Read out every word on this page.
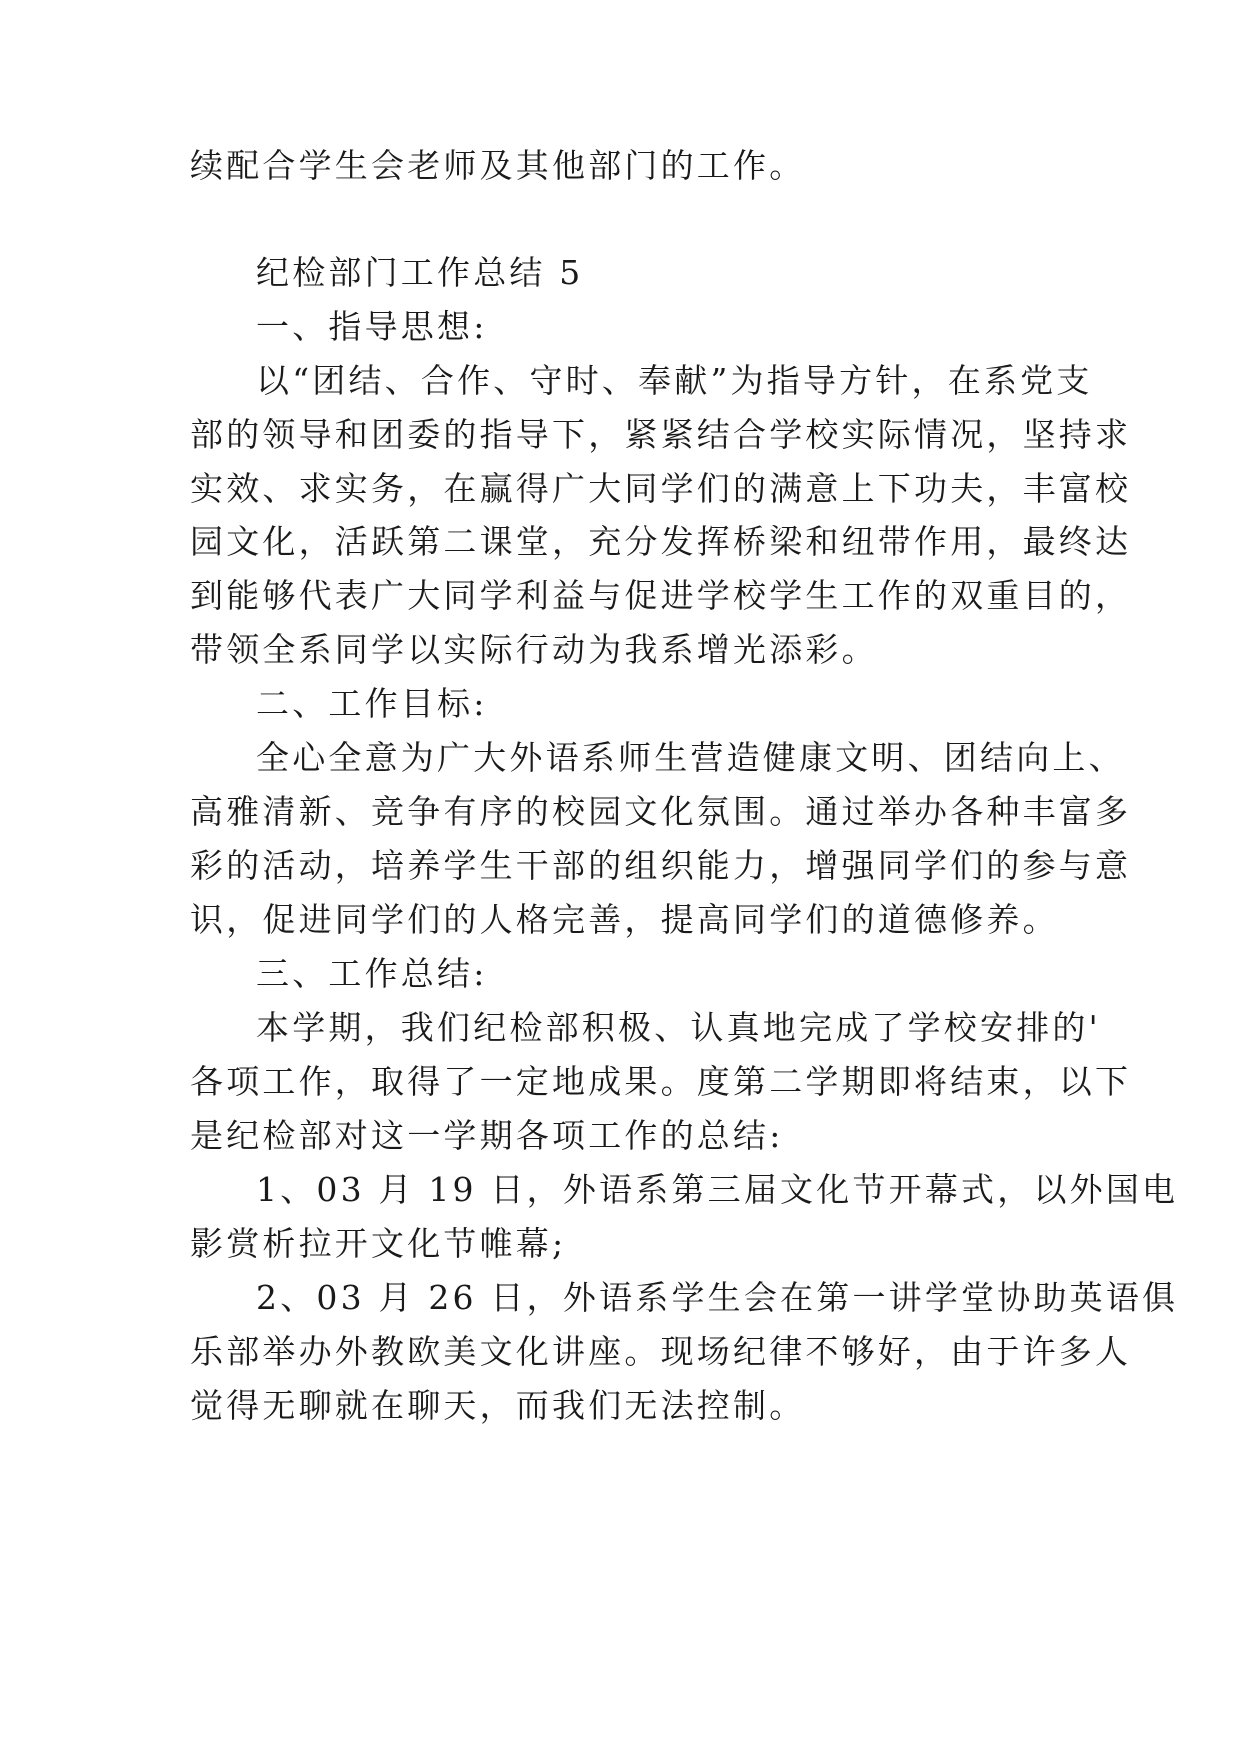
续配合学生会老师及其他部门的工作。
纪检部门工作总结 5
一、指导思想:
以“团结、合作、守时、奉献”为指导方针，在系党支
部的领导和团委的指导下，紧紧结合学校实际情况，坚持求
实效、求实务，在赢得广大同学们的满意上下功夫，丰富校
园文化，活跃第二课堂，充分发挥桥梁和纽带作用，最终达
到能够代表广大同学利益与促进学校学生工作的双重目的，
带领全系同学以实际行动为我系增光添彩。
二、工作目标:
全心全意为广大外语系师生营造健康文明、团结向上、
高雅清新、竞争有序的校园文化氛围。通过举办各种丰富多
彩的活动，培养学生干部的组织能力，增强同学们的参与意
识，促进同学们的人格完善，提高同学们的道德修养。
三、工作总结:
本学期，我们纪检部积极、认真地完成了学校安排的'
各项工作，取得了一定地成果。度第二学期即将结束，以下
是纪检部对这一学期各项工作的总结:
1、03 月 19 日，外语系第三届文化节开幕式，以外国电
影赏析拉开文化节帷幕;
2、03 月 26 日，外语系学生会在第一讲学堂协助英语俱
乐部举办外教欧美文化讲座。现场纪律不够好，由于许多人
觉得无聊就在聊天，而我们无法控制。
